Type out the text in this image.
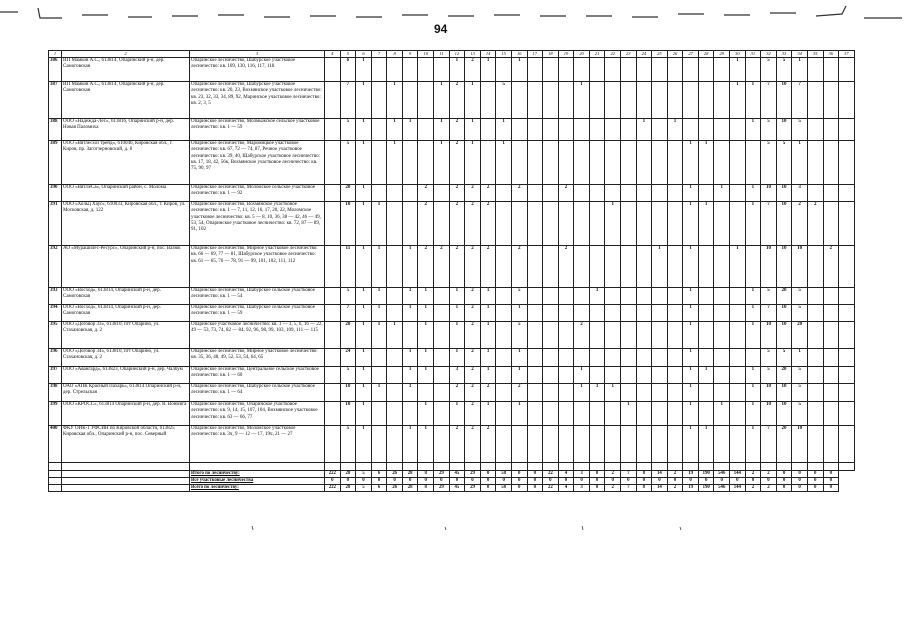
94
1	2	3	4	5	6	7	8	9	10	11	12	13	14	15	16	17	18	19	20	21	22	23	24	25	26	27	28	29	30	31	32	33	34	35	36	37	
386	ИП Мамков А.С., 613814, Опаринский р-н, дер. Самоговская	Опаринское лесничество, Шабурское участковое лесничество: кв. 109, 130, 116, 117, 118		6	1						1	2	1		1														1		5	5	1					
387	ИП Мамков А.С., 613814, Опаринский р-н, дер. Самоговская	Опаринское лесничество, Шабурское участковое лесничество: кв. 20, 23, Вохмянское участковое лесничество: кв. 23, 32, 33, 34, 89, 92, Маринское участковое лесничество: кв. 2, 3, 5		7	1		1			1	2	1		5					1										1	1	7	10	7					
388	ООО «Надежда-Лес», 613816, Опаринский р-н, дер. Новая Паломиха	Опаринское лесничество, Молмыжское сельское участковое лесничество: кв. 1 — 59		5	1		1	1		1	2	1		1									1		1					1	5	10	5					
389	ООО «Вятлесхоз трейд», 610046, Кировская обл., г. Киров, пр. Заготзерновский, д. 8	Опаринское лесничество, Маромицкое участковое лесничество: кв. 67, 72 — 74, 87, Речное участковое лесничество: кв. 39, 40, Шабурское участковое лесничество: кв. 17, 18, 42, 56к, Вохмянское участковое лесничество: кв. 75, 90, 97		5	1		1			1	2	1		1												1	1				5	5	1					
390	ООО «ВятЛеСа», Опаринский район, с. Молома	Опаринское лесничество, Моломское сельское участковое лесничество: кв. 1 — 92		20	1				2		2	2	2		2			2								1		1		1	10	10	3					
391	ООО «Хольц Хаус», 610033, Кировская обл., г. Киров, ул. Московская, д. 122	Опаринское лесничество, Вохмянское участковое лесничество: кв. 1 — 7, 11, 12, 16, 17, 20, 22, Моломское участковое лесничество: кв. 5 — 8, 10, 36, 38 — 42, 46 — 49, 53, 54, Опаринское участковое лесничество: кв. 72, 87 — 89, 91, 102		10	1	1			2		2	2	2								1					1	1			1	7	10	2	2				
392	АО «Мурашилес-Ресурс», Опаринский р-н, пос. Вазюк	Опаринское лесничество, Мирное участковое лесничество: кв. 66 — 69, 77 — 81, Шабурское участковое лесничество: кв. 61 — 65, 76 — 78, 91 — 99, 101, 102, 111, 112		11	1	1		1	2	2	2	2	2		2			2						1		1			1		10	10	10		2			
393	ООО «Восход», 613814, Опаринский р-н, дер. Самоговская	Опаринское лесничество, Шабурское сельское участковое лесничество: кв. 1 — 54		5	1	1		1	1		1	2	1		5					1						1				1	5	20	5					
394	ООО «Восход», 613814, Опаринский р-н, дер. Самоговская	Опаринское лесничество, Шабурское сельское участковое лесничество: кв. 1 — 59		7	1	1		1	1		1	2	1		1											1				1	7	10	5					
395	ООО «Договор 33», 613810, пгт Опарино, ул. Стахановская, д. 2	Опаринское участковое лесничество: кв. 1 — 3, 5, 6, 16 — 22, 49 — 53, 73, 74, 82 — 84, 92, 96, 98, 99, 103, 109, 111 — 115		20	1	1	1		1		1	2	1		5				2							1				1	10	10	20					
396	ООО «Договор 34», 613810, пгт Опарино, ул. Стахановская, д. 2	Опаринское лесничество, Мирное участковое лесничество: кв. 35, 36, 48, 49, 52, 53, 54, 64, 65		24	1			1	1		1	2	1		1											1					5	5	1					
397	ООО «Авангард», 613823, Опаринский р-н, дер. Чалбум	Опаринское лесничество, Центральное сельское участковое лесничество: кв. 1 — 60		5	1			1	1		3	2	1		1				1							1	1			1	5	20	5					
398	ОАО «АПК Красный Пахарь», 613814 Опаринский р-н, дер. Стрельская	Опаринское лесничество, Шабурское сельское участковое лесничество: кв. 1 — 64		10	1	1		1			2	2	2		2				1	1	1					1				1	10	10	5					
399	ООО «КРОСС», 613814 Опаринский р-н, дер. В. Вонмига	Опаринское лесничество, Опаринское участковое лесничество: кв. 9, 14, 15, 107, 104, Вохмянское участковое лесничество: кв. 63 — 66, 77		10	1				1		1	2	1		1							1				1		1		1	10	10	5					
400	ФКУ ОИК-1 УФСИН по Кировской области, 613825 Кировская обл., Опаринский р-н, пос. Северный	Опаринское лесничество, Моломское участковое лесничество: кв. 3ч, 9 — 12 — 17, 19ч, 21 — 27		5	1			1	1		2	2	2													1	1			1	7	20	10					

		Итого по лесничеству:	222	28	5	6	26	28	8	29	45	29	0	58	0	0	22	4	3	0	2	7	8	14	2	19	190	546	144	2	2	0	0	0	0		
		Все участковые лесничества	0	0	0	0	0	0	0	0	0	0	0	0	0	0	0	0	0	0	0	0	0	0	0	0	0	0	0	0	0	0	0	0	0		
		Всего по лесничеству:	222	28	5	6	26	28	8	29	45	29	0	58	0	0	22	4	3	0	2	7	8	14	2	19	190	546	144	2	2	0	0	0	0		
